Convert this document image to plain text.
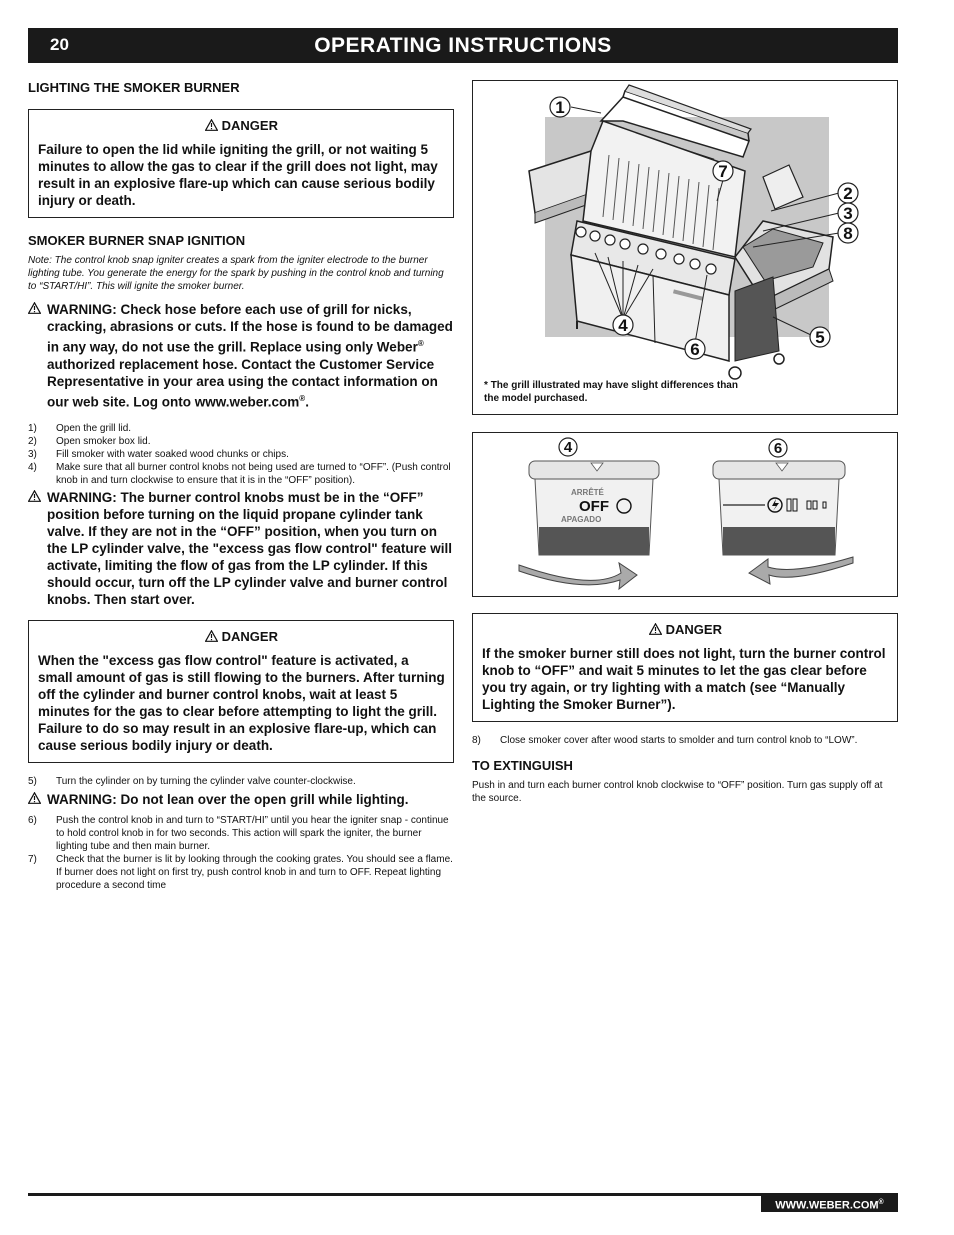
20	OPERATING INSTRUCTIONS

LIGHTING THE SMOKER BURNER

DANGER
Failure to open the lid while igniting the grill, or not waiting 5 minutes to allow the gas to clear if the grill does not light, may result in an explosive flare-up which can cause serious bodily injury or death.

SMOKER BURNER SNAP IGNITION

Note: The control knob snap igniter creates a spark from the igniter electrode to the burner lighting tube. You generate the energy for the spark by pushing in the control knob and turning to “START/HI”. This will ignite the smoker burner.
WARNING: Check hose before each use of grill for nicks, cracking, abrasions or cuts. If the hose is found to be damaged in any way, do not use the grill. Replace using only Weber® authorized replacement hose. Contact the Customer Service Representative in your area using the contact information on our web site. Log onto www.weber.com®.
1) Open the grill lid.
2) Open smoker box lid.
3) Fill smoker with water soaked wood chunks or chips.
4) Make sure that all burner control knobs not being used are turned to “OFF”. (Push control knob in and turn clockwise to ensure that it is in the “OFF” position).
WARNING: The burner control knobs must be in the “OFF” position before turning on the liquid propane cylinder tank valve. If they are not in the “OFF” position, when you turn on the LP cylinder valve, the "excess gas flow control" feature will activate, limiting the flow of gas from the LP cylinder. If this should occur, turn off the LP cylinder valve and burner control knobs. Then start over.
DANGER
When the "excess gas flow control" feature is activated, a small amount of gas is still flowing to the burners. After turning off the cylinder and burner control knobs, wait at least 5 minutes for the gas to clear before attempting to light the grill. Failure to do so may result in an explosive flare-up, which can cause serious bodily injury or death.
5) Turn the cylinder on by turning the cylinder valve counter-clockwise.
WARNING: Do not lean over the open grill while lighting.
6) Push the control knob in and turn to “START/HI” until you hear the igniter snap - continue to hold control knob in for two seconds. This action will spark the igniter, the burner lighting tube and then main burner.
7) Check that the burner is lit by looking through the cooking grates. You should see a flame. If burner does not light on first try, push control knob in and turn to OFF. Repeat lighting procedure a second time
1
7
2
3
8
4
6
5
* The grill illustrated may have slight differences than the model purchased.
ARRÊTÉ
OFF
APAGADO
4	6
DANGER
If the smoker burner still does not light, turn the burner control knob to “OFF” and wait 5 minutes to let the gas clear before you try again, or try lighting with a match (see “Manually Lighting the Smoker Burner”).
8) Close smoker cover after wood starts to smolder and turn control knob to “LOW”.

TO EXTINGUISH

Push in and turn each burner control knob clockwise to “OFF” position. Turn gas supply off at the source.
WWW.WEBER.COM®
